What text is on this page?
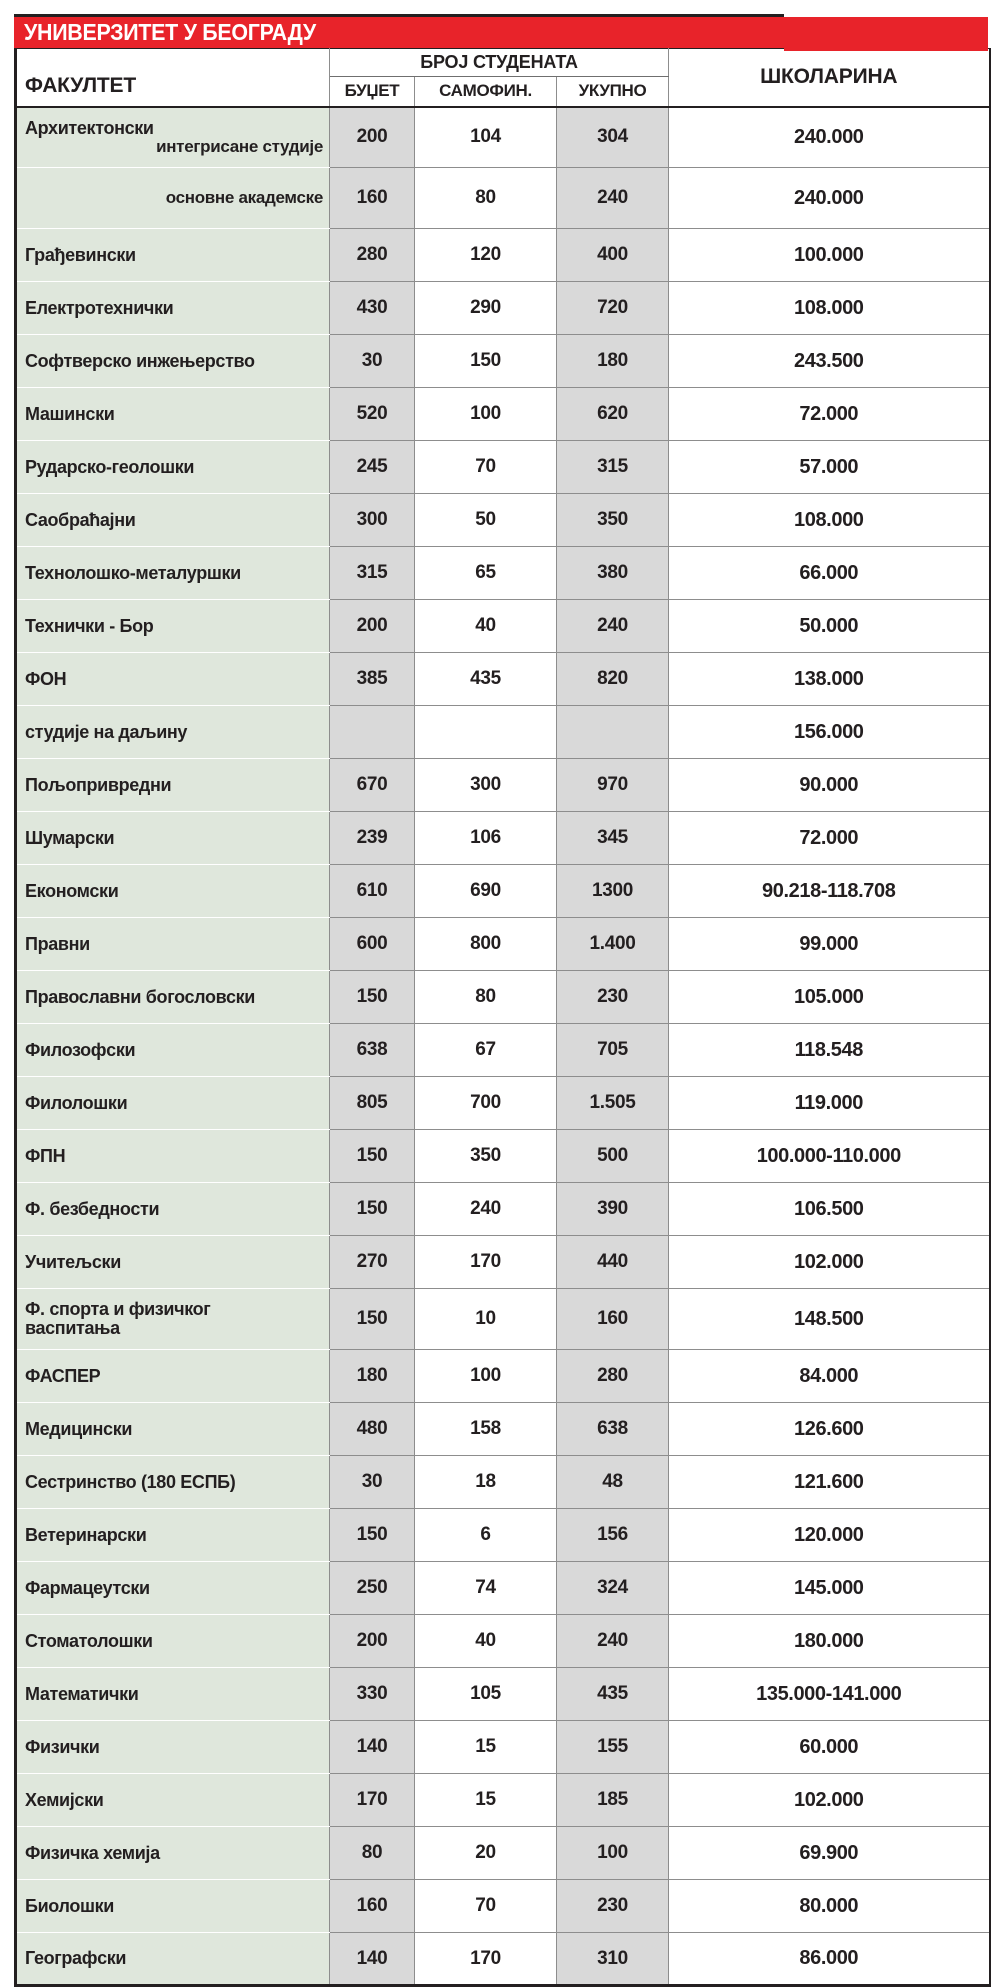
УНИВЕРЗИТЕТ У БЕОГРАДУ
ФАКУЛТЕТ	БРОЈ СТУДЕНАТА			ШКОЛАРИНА
	БУЏЕТ	САМОФИН.	УКУПНО	
Архитектонски
интегрисане студије	200	104	304	240.000

основне академске	160	80	240	240.000
Грађевински	280	120	400	100.000
Електротехнички	430	290	720	108.000
Софтверско инжењерство	30	150	180	243.500
Машински	520	100	620	72.000
Рударско-геолошки	245	70	315	57.000
Саобраћајни	300	50	350	108.000
Технолошко-металуршки	315	65	380	66.000
Технички - Бор	200	40	240	50.000
ФОН	385	435	820	138.000
студије на даљину				156.000
Пољопривредни	670	300	970	90.000
Шумарски	239	106	345	72.000
Економски	610	690	1300	90.218-118.708
Правни	600	800	1.400	99.000
Православни богословски	150	80	230	105.000
Филозофски	638	67	705	118.548
Филолошки	805	700	1.505	119.000
ФПН	150	350	500	100.000-110.000
Ф. безбедности	150	240	390	106.500
Учитељски	270	170	440	102.000
Ф. спорта и физичког
васпитања	150	10	160	148.500
ФАСПЕР	180	100	280	84.000
Медицински	480	158	638	126.600
Сестринство (180 ЕСПБ)	30	18	48	121.600
Ветеринарски	150	6	156	120.000
Фармацеутски	250	74	324	145.000
Стоматолошки	200	40	240	180.000
Математички	330	105	435	135.000-141.000
Физички	140	15	155	60.000
Хемијски	170	15	185	102.000
Физичка хемија	80	20	100	69.900
Биолошки	160	70	230	80.000
Географски	140	170	310	86.000
